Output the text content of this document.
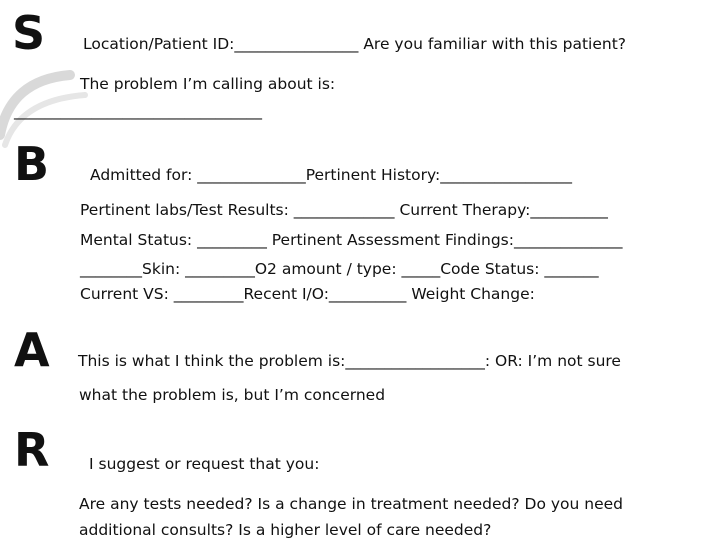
S Location/Patient ID:________________ Are you familiar with this patient?
The problem I’m calling about is:
________________________________
B	Admitted for: ______________Pertinent History:_________________
Pertinent labs/Test Results: _____________ Current Therapy:__________
Mental Status: _________ Pertinent Assessment Findings:______________
________Skin: _________O2 amount / type: _____Code Status: _______
Current VS: _________Recent I/O:__________ Weight Change:
A This is what I think the problem is:__________________: OR: I’m not sure
what the problem is, but I’m concerned
R	I suggest or request that you:
Are any tests needed? Is a change in treatment needed? Do you need
additional consults? Is a higher level of care needed?
